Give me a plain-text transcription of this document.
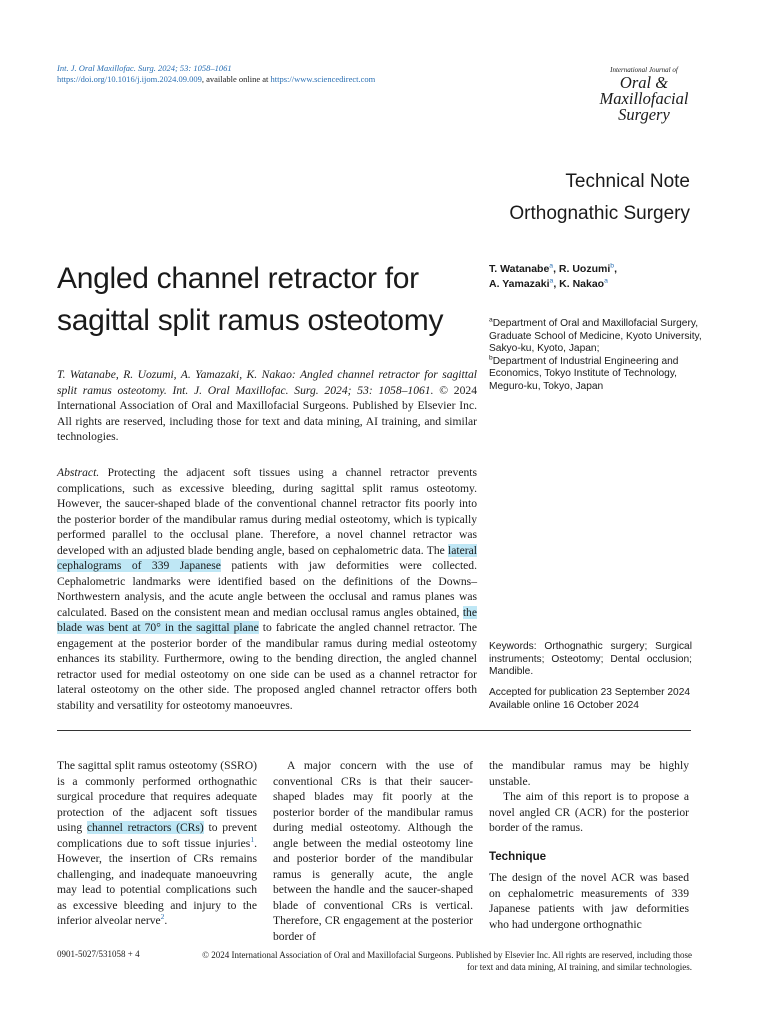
Int. J. Oral Maxillofac. Surg. 2024; 53: 1058–1061
https://doi.org/10.1016/j.ijom.2024.09.009, available online at https://www.sciencedirect.com
International Journal of
Oral &
Maxillofacial
Surgery
Technical Note
Orthognathic Surgery
Angled channel retractor for sagittal split ramus osteotomy
T. Watanabe, R. Uozumi, A. Yamazaki, K. Nakao: Angled channel retractor for sagittal split ramus osteotomy. Int. J. Oral Maxillofac. Surg. 2024; 53: 1058–1061. © 2024 International Association of Oral and Maxillofacial Surgeons. Published by Elsevier Inc. All rights are reserved, including those for text and data mining, AI training, and similar technologies.
Abstract. Protecting the adjacent soft tissues using a channel retractor prevents complications, such as excessive bleeding, during sagittal split ramus osteotomy. However, the saucer-shaped blade of the conventional channel retractor fits poorly into the posterior border of the mandibular ramus during medial osteotomy, which is typically performed parallel to the occlusal plane. Therefore, a novel channel retractor was developed with an adjusted blade bending angle, based on cephalometric data. The lateral cephalograms of 339 Japanese patients with jaw deformities were collected. Cephalometric landmarks were identified based on the definitions of the Downs–Northwestern analysis, and the acute angle between the occlusal and ramus planes was calculated. Based on the consistent mean and median occlusal ramus angles obtained, the blade was bent at 70° in the sagittal plane to fabricate the angled channel retractor. The engagement at the posterior border of the mandibular ramus during medial osteotomy enhances its stability. Furthermore, owing to the bending direction, the angled channel retractor used for medial osteotomy on one side can be used as a channel retractor for lateral osteotomy on the other side. The proposed angled channel retractor offers both stability and versatility for osteotomy manoeuvres.
T. Watanabe$^a$, R. Uozumi$^b$,
A. Yamazaki$^a$, K. Nakao$^a$
$^a$Department of Oral and Maxillofacial Surgery, Graduate School of Medicine, Kyoto University, Sakyo-ku, Kyoto, Japan;
$^b$Department of Industrial Engineering and Economics, Tokyo Institute of Technology, Meguro-ku, Tokyo, Japan
Keywords: Orthognathic surgery; Surgical instruments; Osteotomy; Dental occlusion; Mandible.
Accepted for publication 23 September 2024
Available online 16 October 2024

The sagittal split ramus osteotomy (SSRO) is a commonly performed orthognathic surgical procedure that requires adequate protection of the adjacent soft tissues using channel retractors (CRs) to prevent complications due to soft tissue injuries$^1$. However, the insertion of CRs remains challenging, and inadequate manoeuvring may lead to potential complications such as excessive bleeding and injury to the inferior alveolar nerve$^2$.

A major concern with the use of conventional CRs is that their saucer-shaped blades may fit poorly at the posterior border of the mandibular ramus during medial osteotomy. Although the angle between the medial osteotomy line and posterior border of the mandibular ramus is generally acute, the angle between the handle and the saucer-shaped blade of conventional CRs is vertical. Therefore, CR engagement at the posterior border of

the mandibular ramus may be highly unstable.

The aim of this report is to propose a novel angled CR (ACR) for the posterior border of the ramus.

Technique

The design of the novel ACR was based on cephalometric measurements of 339 Japanese patients with jaw deformities who had undergone orthognathic

0901-5027/531058 + 4	© 2024 International Association of Oral and Maxillofacial Surgeons. Published by Elsevier Inc. All rights are reserved, including those for text and data mining, AI training, and similar technologies.
